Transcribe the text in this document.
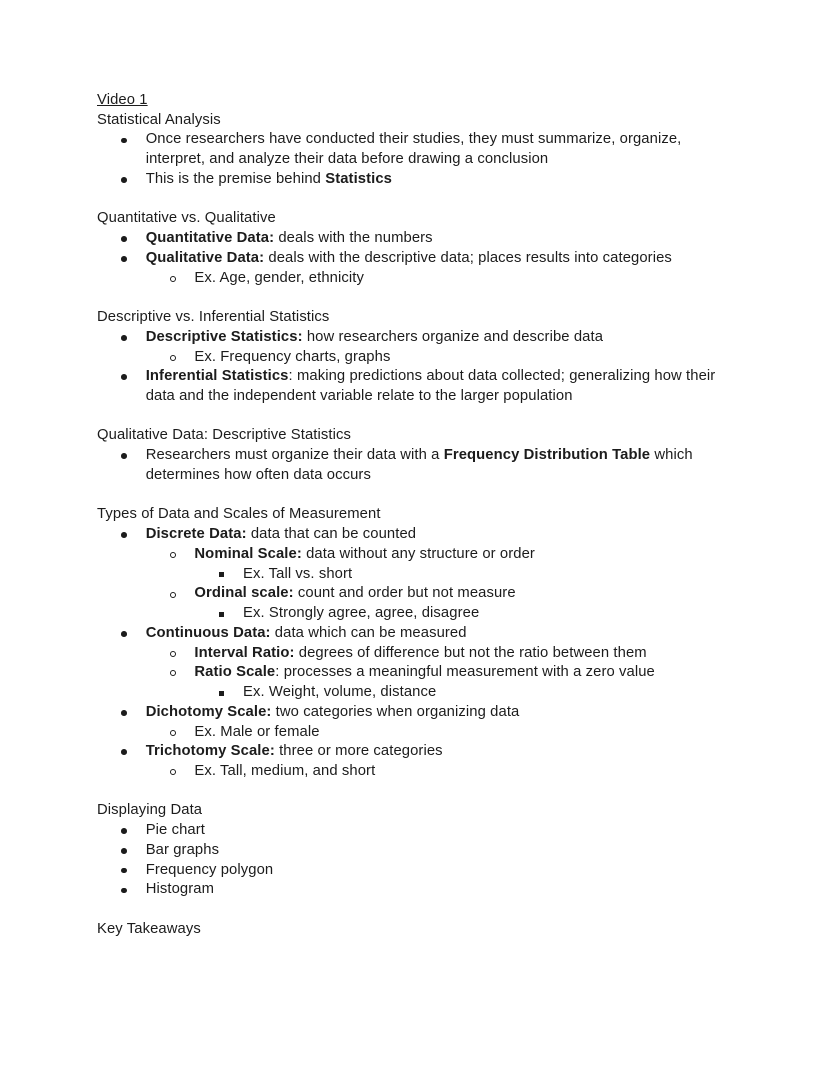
Video 1

Statistical Analysis

Once researchers have conducted their studies, they must summarize, organize, interpret, and analyze their data before drawing a conclusion
This is the premise behind Statistics

Quantitative vs. Qualitative

Quantitative Data: deals with the numbers
Qualitative Data: deals with the descriptive data; places results into categories
Ex. Age, gender, ethnicity

Descriptive vs. Inferential Statistics

Descriptive Statistics: how researchers organize and describe data
Ex. Frequency charts, graphs
Inferential Statistics: making predictions about data collected; generalizing how their data and the independent variable relate to the larger population

Qualitative Data: Descriptive Statistics

Researchers must organize their data with a Frequency Distribution Table which determines how often data occurs

Types of Data and Scales of Measurement

Discrete Data: data that can be counted
Nominal Scale: data without any structure or order
Ex. Tall vs. short
Ordinal scale: count and order but not measure
Ex. Strongly agree, agree, disagree
Continuous Data: data which can be measured
Interval Ratio: degrees of difference but not the ratio between them
Ratio Scale: processes a meaningful measurement with a zero value
Ex. Weight, volume, distance
Dichotomy Scale: two categories when organizing data
Ex. Male or female
Trichotomy Scale: three or more categories
Ex. Tall, medium, and short

Displaying Data

Pie chart
Bar graphs
Frequency polygon
Histogram

Key Takeaways
